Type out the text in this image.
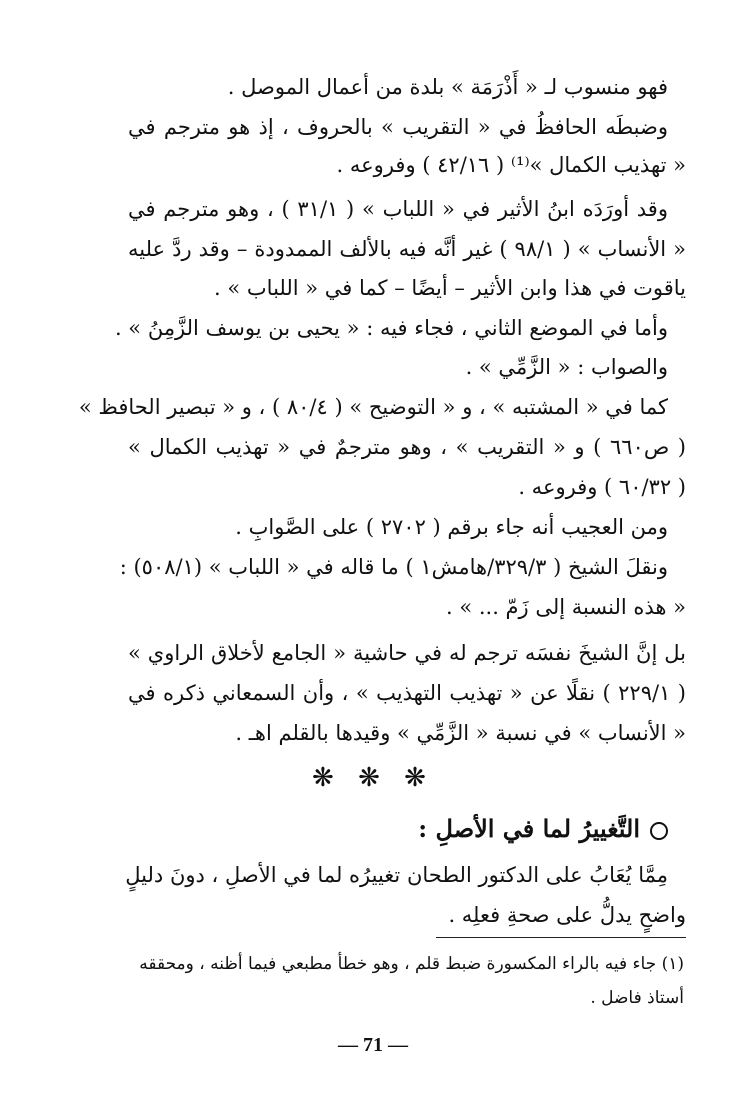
فهو منسوب لـ « أَذْرَمَة » بلدة من أعمال الموصل .
وضبطَه الحافظُ في « التقريب » بالحروف ، إذ هو مترجم في
« تهذيب الكمال »⁽¹⁾ ( ٤٢/١٦ ) وفروعه .
وقد أورَدَه ابنُ الأثير في « اللباب » ( ٣١/١ ) ، وهو مترجم في
« الأنساب » ( ٩٨/١ ) غير أنَّه فيه بالألف الممدودة – وقد ردَّ عليه
ياقوت في هذا وابن الأثير – أيضًا – كما في « اللباب » .
وأما في الموضع الثاني ، فجاء فيه : « يحيى بن يوسف الزَّمِنُ » .
والصواب : « الزَّمِّي » .
كما في « المشتبه » ، و « التوضيح » ( ٨٠/٤ ) ، و « تبصير الحافظ »
( ص٦٦٠ ) و « التقريب » ، وهو مترجمٌ في « تهذيب الكمال »
( ٦٠/٣٢ ) وفروعه .
ومن العجيب أنه جاء برقم ( ٢٧٠٢ ) على الصَّوابِ .
ونقلَ الشيخ ( ٣٢٩/٣/هامش١ ) ما قاله في « اللباب » (٥٠٨/١) :
« هذه النسبة إلى زَمّ ... » .
بل إنَّ الشيخَ نفسَه ترجم له في حاشية « الجامع لأخلاق الراوي »
( ٢٢٩/١ ) نقلًا عن « تهذيب التهذيب » ، وأن السمعاني ذكره في
« الأنساب » في نسبة « الزَّمِّي » وقيدها بالقلم اهـ .
❋ ❋ ❋
التَّغييرُ لما في الأصلِ :
مِمَّا يُعَابُ على الدكتور الطحان تغييرُه لما في الأصلِ ، دونَ دليلٍ
واضحٍ يدلُّ على صحةِ فعلِه .
(١) جاء فيه بالراء المكسورة ضبط قلم ، وهو خطأ مطبعي فيما أظنه ، ومحققه
أستاذ فاضل .
— 71 —
